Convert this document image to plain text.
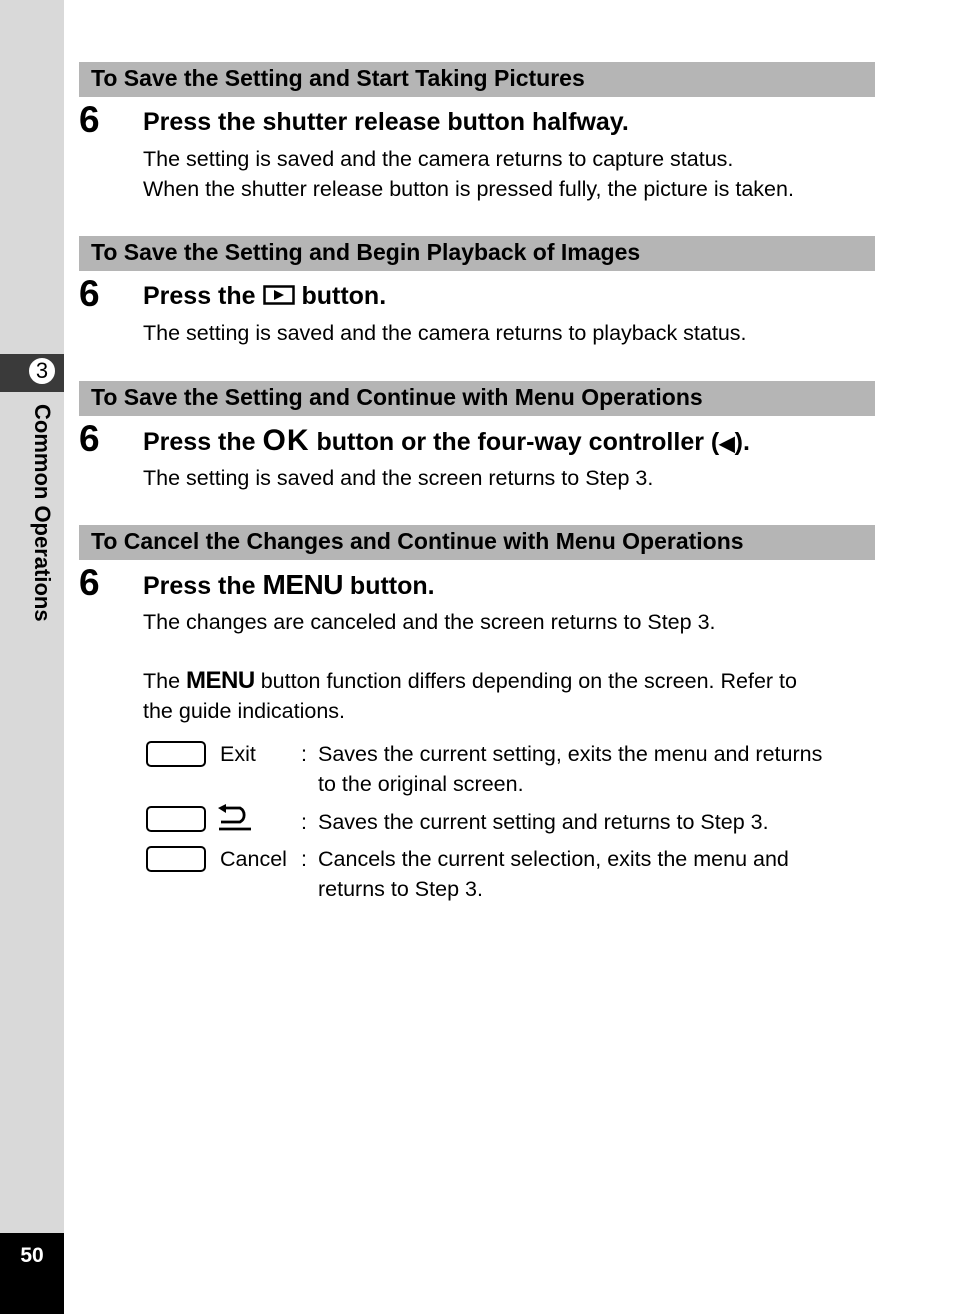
3
Common Operations
50
To Save the Setting and Start Taking Pictures
6 Press the shutter release button halfway.
The setting is saved and the camera returns to capture status.
When the shutter release button is pressed fully, the picture is taken.
To Save the Setting and Begin Playback of Images
6 Press the button.
The setting is saved and the camera returns to playback status.
To Save the Setting and Continue with Menu Operations
6 Press the OK button or the four-way controller (◀).
The setting is saved and the screen returns to Step 3.
To Cancel the Changes and Continue with Menu Operations
6 Press the MENU button.
The changes are canceled and the screen returns to Step 3.
The MENU button function differs depending on the screen. Refer to
the guide indications.
Exit : Saves the current setting, exits the menu and returns
to the original screen.
: Saves the current setting and returns to Step 3.
Cancel : Cancels the current selection, exits the menu and
returns to Step 3.
